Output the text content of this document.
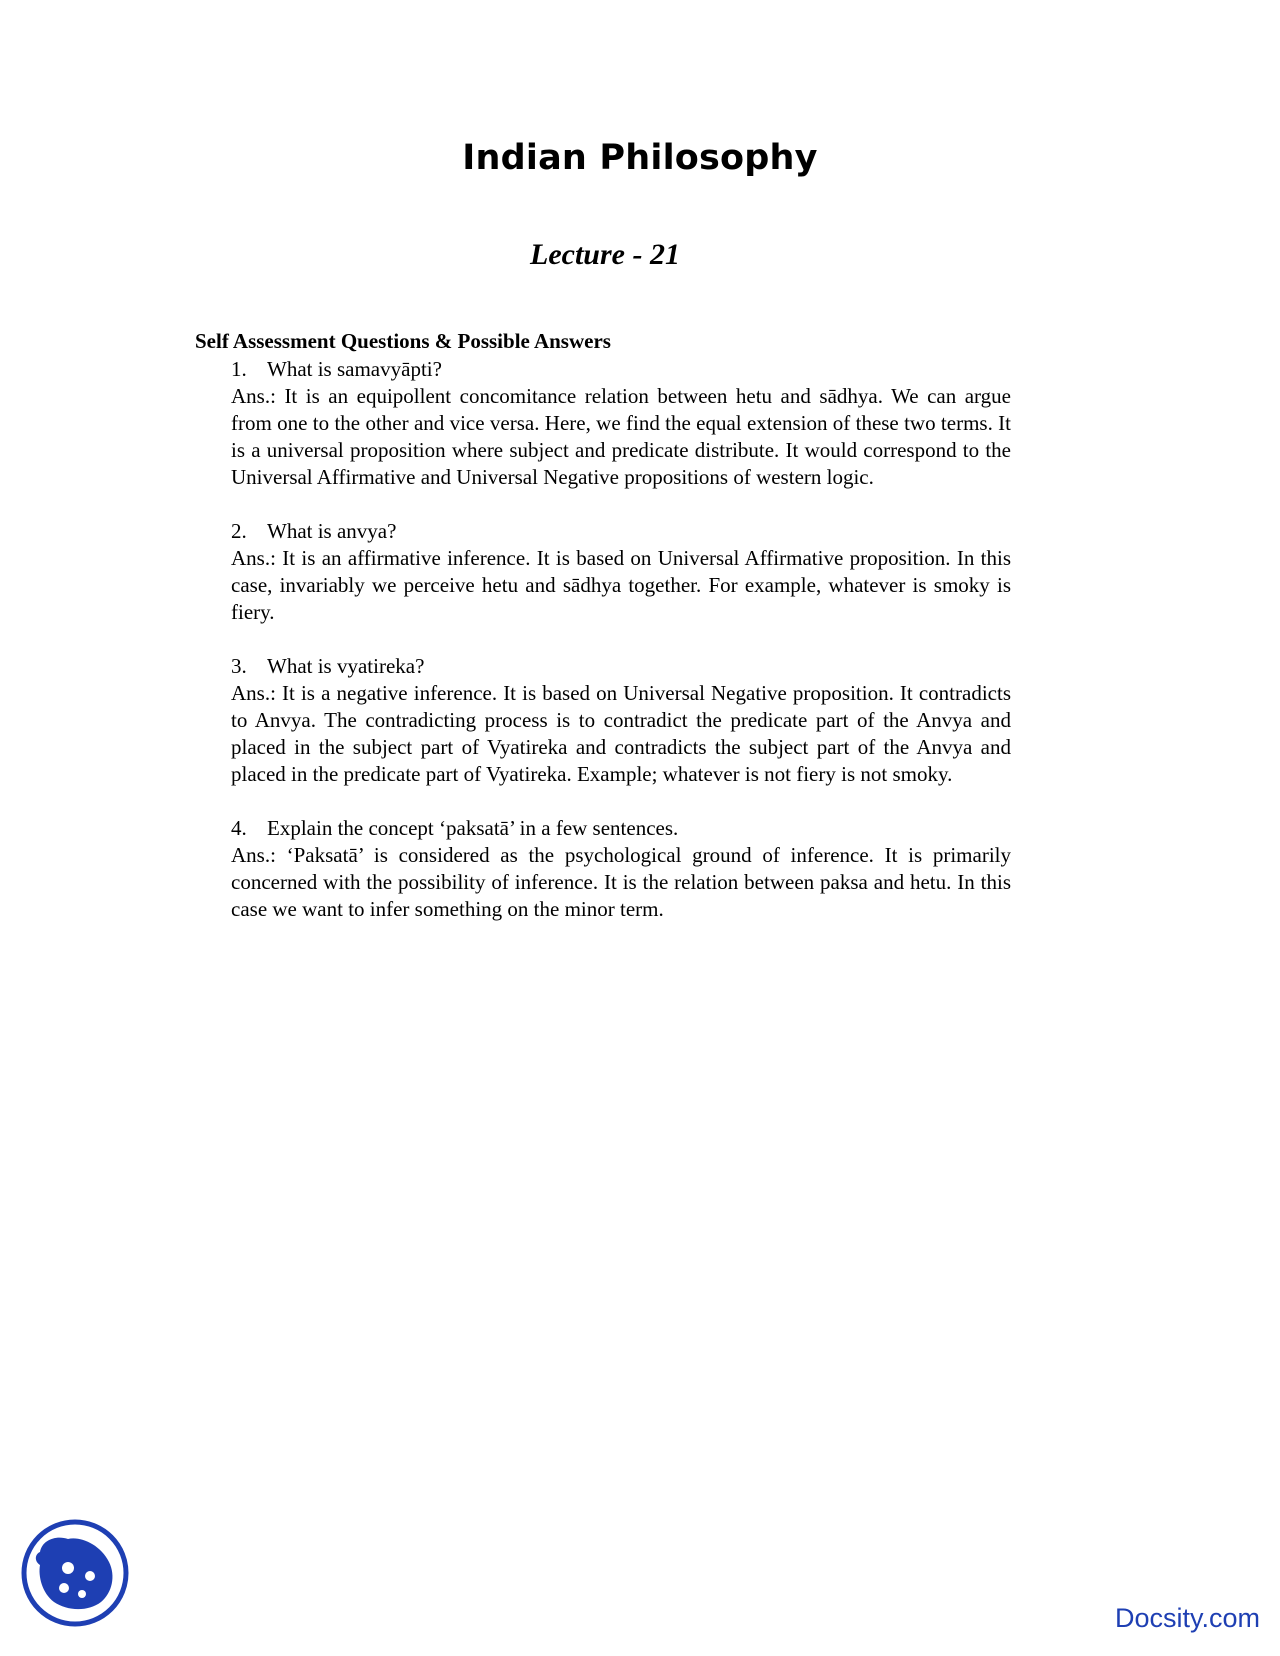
Indian Philosophy
Lecture - 21
Self Assessment Questions & Possible Answers
1. What is samavyāpti?

Ans.: It is an equipollent concomitance relation between hetu and sādhya. We can argue from one to the other and vice versa. Here, we find the equal extension of these two terms. It is a universal proposition where subject and predicate distribute. It would correspond to the Universal Affirmative and Universal Negative propositions of western logic.

2. What is anvya?

Ans.: It is an affirmative inference. It is based on Universal Affirmative proposition. In this case, invariably we perceive hetu and sādhya together. For example, whatever is smoky is fiery.

3. What is vyatireka?

Ans.: It is a negative inference. It is based on Universal Negative proposition. It contradicts to Anvya. The contradicting process is to contradict the predicate part of the Anvya and placed in the subject part of Vyatireka and contradicts the subject part of the Anvya and placed in the predicate part of Vyatireka. Example; whatever is not fiery is not smoky.

4. Explain the concept ‘paksatā’ in a few sentences.

Ans.: ‘Paksatā’ is considered as the psychological ground of inference. It is primarily concerned with the possibility of inference. It is the relation between paksa and hetu. In this case we want to infer something on the minor term.

Docsity.com
